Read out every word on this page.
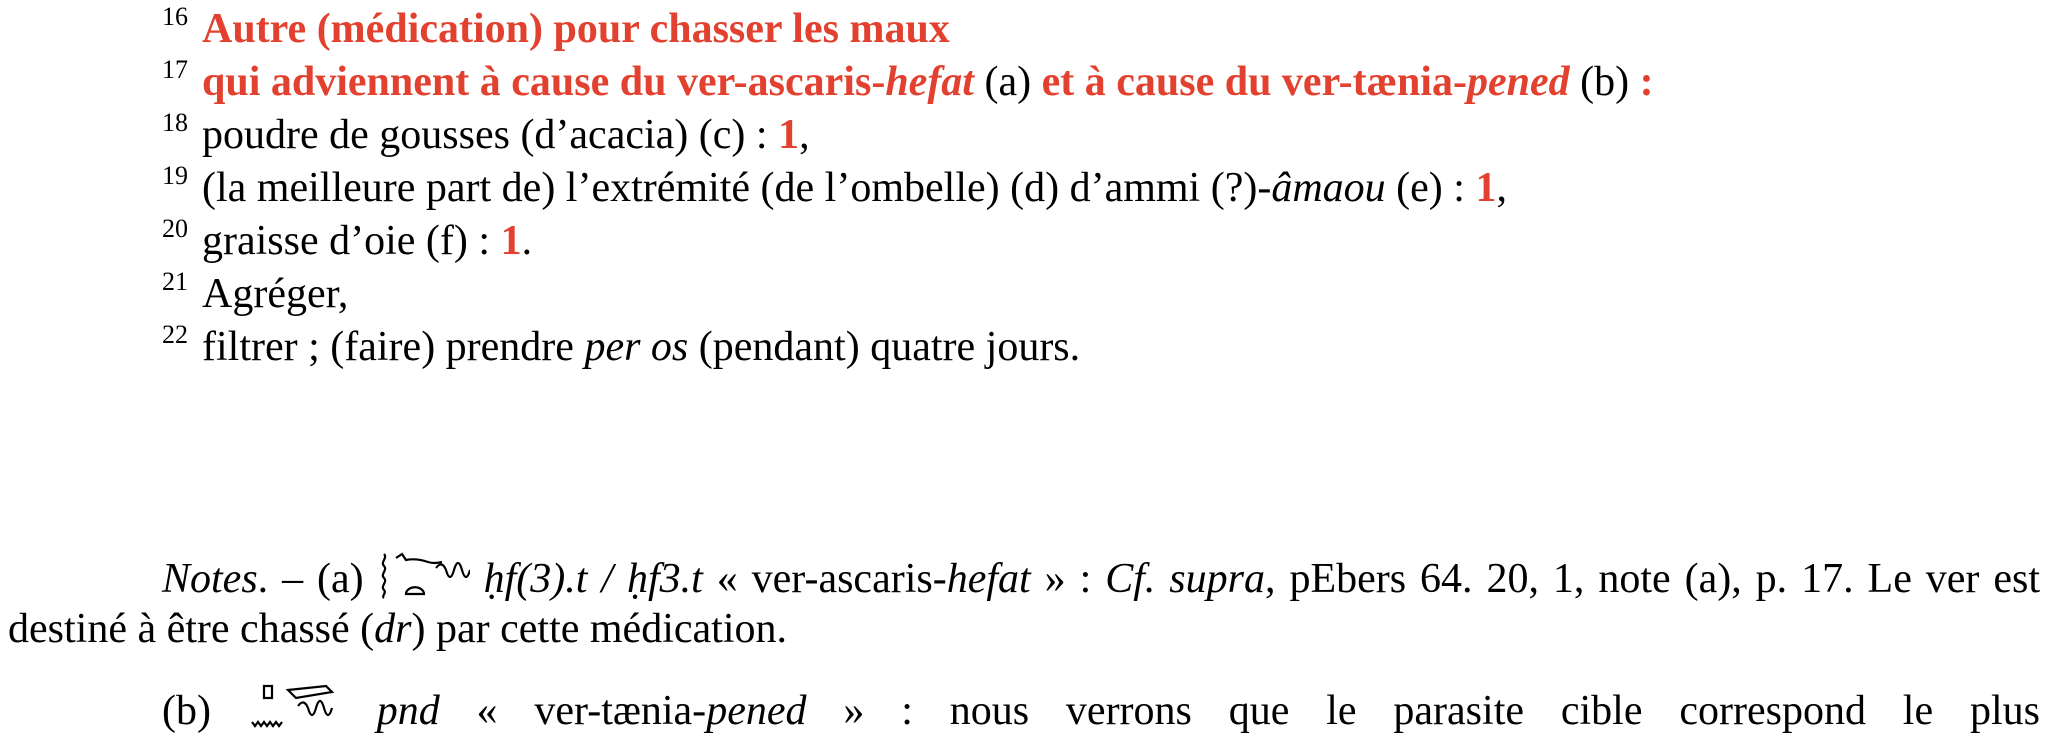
16 Autre (médication) pour chasser les maux
17 qui adviennent à cause du ver-ascaris-hefat (a) et à cause du ver-tænia-pened (b) :
18 poudre de gousses (d’acacia) (c) : 1,
19 (la meilleure part de) l’extrémité (de l’ombelle) (d) d’ammi (?)-âmaou (e) : 1,
20 graisse d’oie (f) : 1.
21 Agréger,
22 filtrer ; (faire) prendre per os (pendant) quatre jours.
Notes. – (a)	ḥf(3).t / ḥf3.t « ver-ascaris-hefat » : Cf. supra, pEbers 64. 20, 1, note (a), p. 17. Le ver est destiné à être chassé (dr) par cette médication.
(b)	pnd « ver-tænia-pened » : nous verrons que le parasite cible correspond le plus
